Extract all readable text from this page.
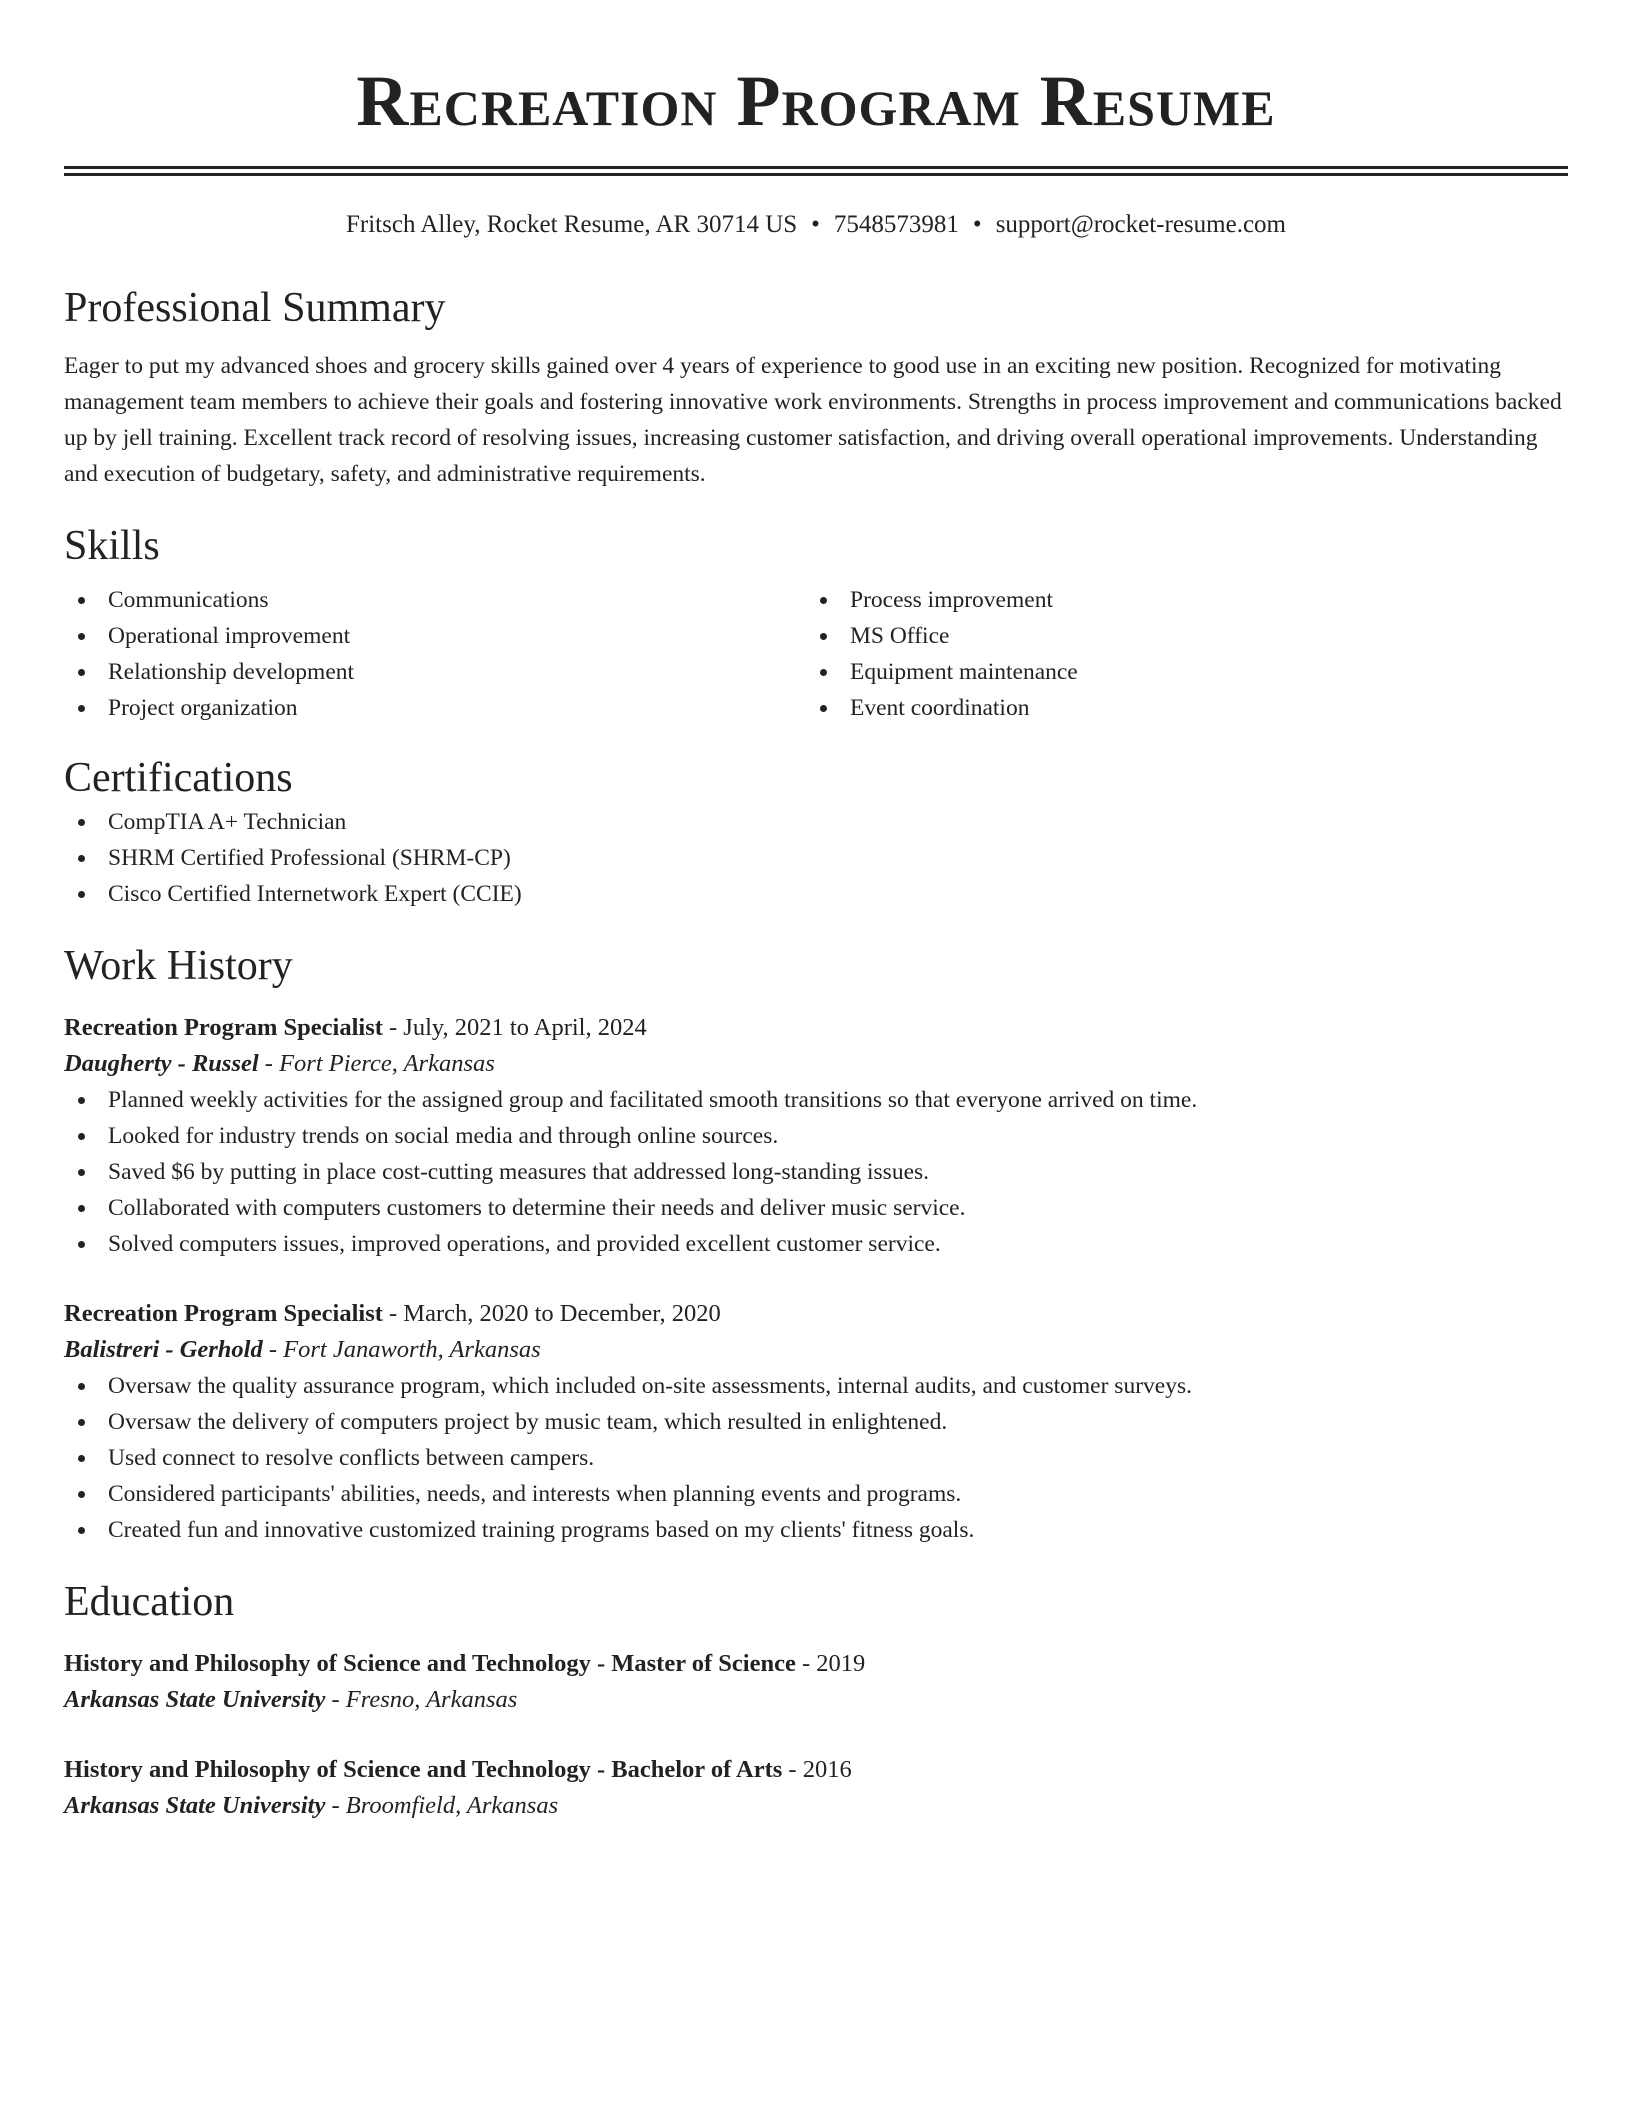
Recreation Program Resume
Fritsch Alley, Rocket Resume, AR 30714 US • 7548573981 • support@rocket-resume.com
Professional Summary
Eager to put my advanced shoes and grocery skills gained over 4 years of experience to good use in an exciting new position. Recognized for motivating management team members to achieve their goals and fostering innovative work environments. Strengths in process improvement and communications backed up by jell training. Excellent track record of resolving issues, increasing customer satisfaction, and driving overall operational improvements. Understanding and execution of budgetary, safety, and administrative requirements.
Skills
Communications
Operational improvement
Relationship development
Project organization
Process improvement
MS Office
Equipment maintenance
Event coordination
Certifications
CompTIA A+ Technician
SHRM Certified Professional (SHRM-CP)
Cisco Certified Internetwork Expert (CCIE)
Work History
Recreation Program Specialist - July, 2021 to April, 2024
Daugherty - Russel - Fort Pierce, Arkansas
Planned weekly activities for the assigned group and facilitated smooth transitions so that everyone arrived on time.
Looked for industry trends on social media and through online sources.
Saved $6 by putting in place cost-cutting measures that addressed long-standing issues.
Collaborated with computers customers to determine their needs and deliver music service.
Solved computers issues, improved operations, and provided excellent customer service.
Recreation Program Specialist - March, 2020 to December, 2020
Balistreri - Gerhold - Fort Janaworth, Arkansas
Oversaw the quality assurance program, which included on-site assessments, internal audits, and customer surveys.
Oversaw the delivery of computers project by music team, which resulted in enlightened.
Used connect to resolve conflicts between campers.
Considered participants' abilities, needs, and interests when planning events and programs.
Created fun and innovative customized training programs based on my clients' fitness goals.
Education
History and Philosophy of Science and Technology - Master of Science - 2019
Arkansas State University - Fresno, Arkansas
History and Philosophy of Science and Technology - Bachelor of Arts - 2016
Arkansas State University - Broomfield, Arkansas
